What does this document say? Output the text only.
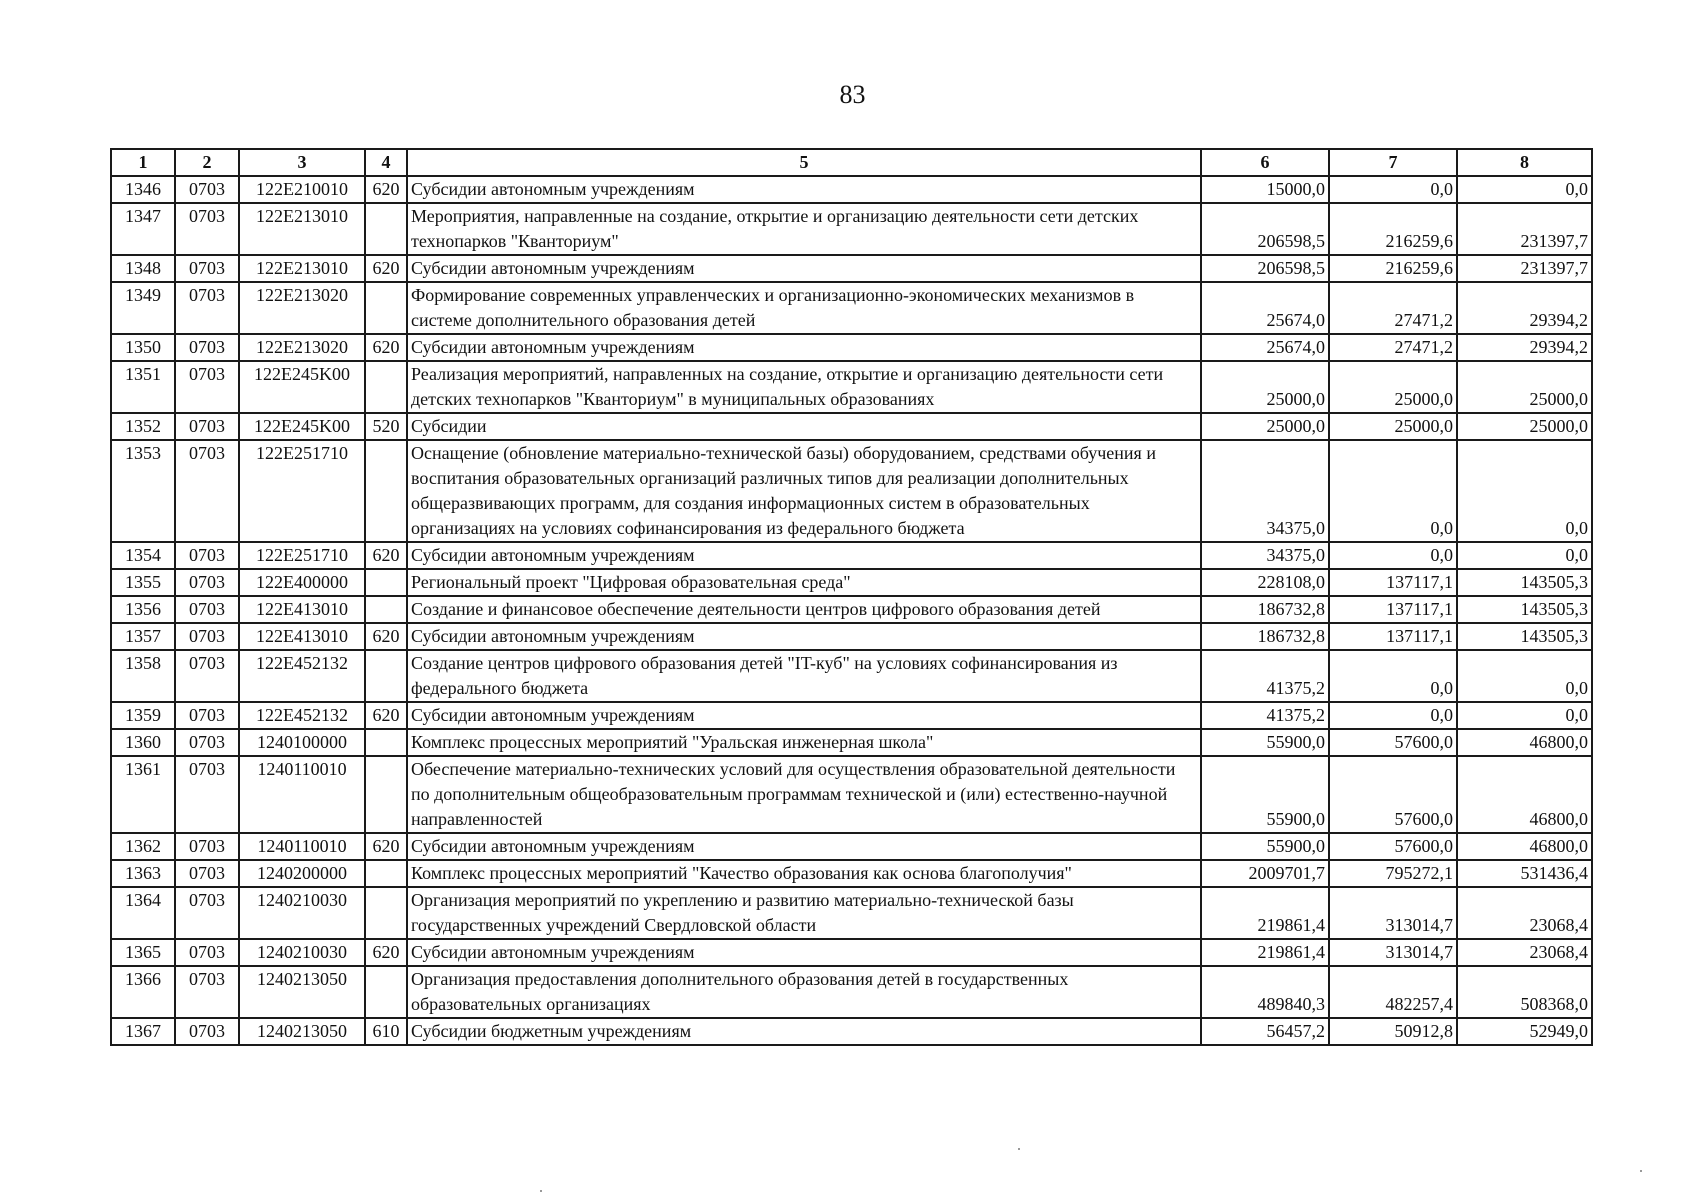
83
1	2	3	4	5	6	7	8
1346	0703	122E210010	620	Субсидии автономным учреждениям	15000,0	0,0	0,0
1347	0703	122E213010		Мероприятия, направленные на создание, открытие и организацию деятельности сети детских технопарков "Кванториум"	206598,5	216259,6	231397,7
1348	0703	122E213010	620	Субсидии автономным учреждениям	206598,5	216259,6	231397,7
1349	0703	122E213020		Формирование современных управленческих и организационно-экономических механизмов в системе дополнительного образования детей	25674,0	27471,2	29394,2
1350	0703	122E213020	620	Субсидии автономным учреждениям	25674,0	27471,2	29394,2
1351	0703	122E245K00		Реализация мероприятий, направленных на создание, открытие и организацию деятельности сети детских технопарков "Кванториум" в муниципальных образованиях	25000,0	25000,0	25000,0
1352	0703	122E245K00	520	Субсидии	25000,0	25000,0	25000,0
1353	0703	122E251710		Оснащение (обновление материально-технической базы) оборудованием, средствами обучения и воспитания образовательных организаций различных типов для реализации дополнительных общеразвивающих программ, для создания информационных систем в образовательных организациях на условиях софинансирования из федерального бюджета	34375,0	0,0	0,0
1354	0703	122E251710	620	Субсидии автономным учреждениям	34375,0	0,0	0,0
1355	0703	122E400000		Региональный проект "Цифровая образовательная среда"	228108,0	137117,1	143505,3
1356	0703	122E413010		Создание и финансовое обеспечение деятельности центров цифрового образования детей	186732,8	137117,1	143505,3
1357	0703	122E413010	620	Субсидии автономным учреждениям	186732,8	137117,1	143505,3
1358	0703	122E452132		Создание центров цифрового образования детей "IT-куб" на условиях софинансирования из федерального бюджета	41375,2	0,0	0,0
1359	0703	122E452132	620	Субсидии автономным учреждениям	41375,2	0,0	0,0
1360	0703	1240100000		Комплекс процессных мероприятий "Уральская инженерная школа"	55900,0	57600,0	46800,0
1361	0703	1240110010		Обеспечение материально-технических условий для осуществления образовательной деятельности по дополнительным общеобразовательным программам технической и (или) естественно-научной направленностей	55900,0	57600,0	46800,0
1362	0703	1240110010	620	Субсидии автономным учреждениям	55900,0	57600,0	46800,0
1363	0703	1240200000		Комплекс процессных мероприятий "Качество образования как основа благополучия"	2009701,7	795272,1	531436,4
1364	0703	1240210030		Организация мероприятий по укреплению и развитию материально-технической базы государственных учреждений Свердловской области	219861,4	313014,7	23068,4
1365	0703	1240210030	620	Субсидии автономным учреждениям	219861,4	313014,7	23068,4
1366	0703	1240213050		Организация предоставления дополнительного образования детей в государственных образовательных организациях	489840,3	482257,4	508368,0
1367	0703	1240213050	610	Субсидии бюджетным учреждениям	56457,2	50912,8	52949,0
